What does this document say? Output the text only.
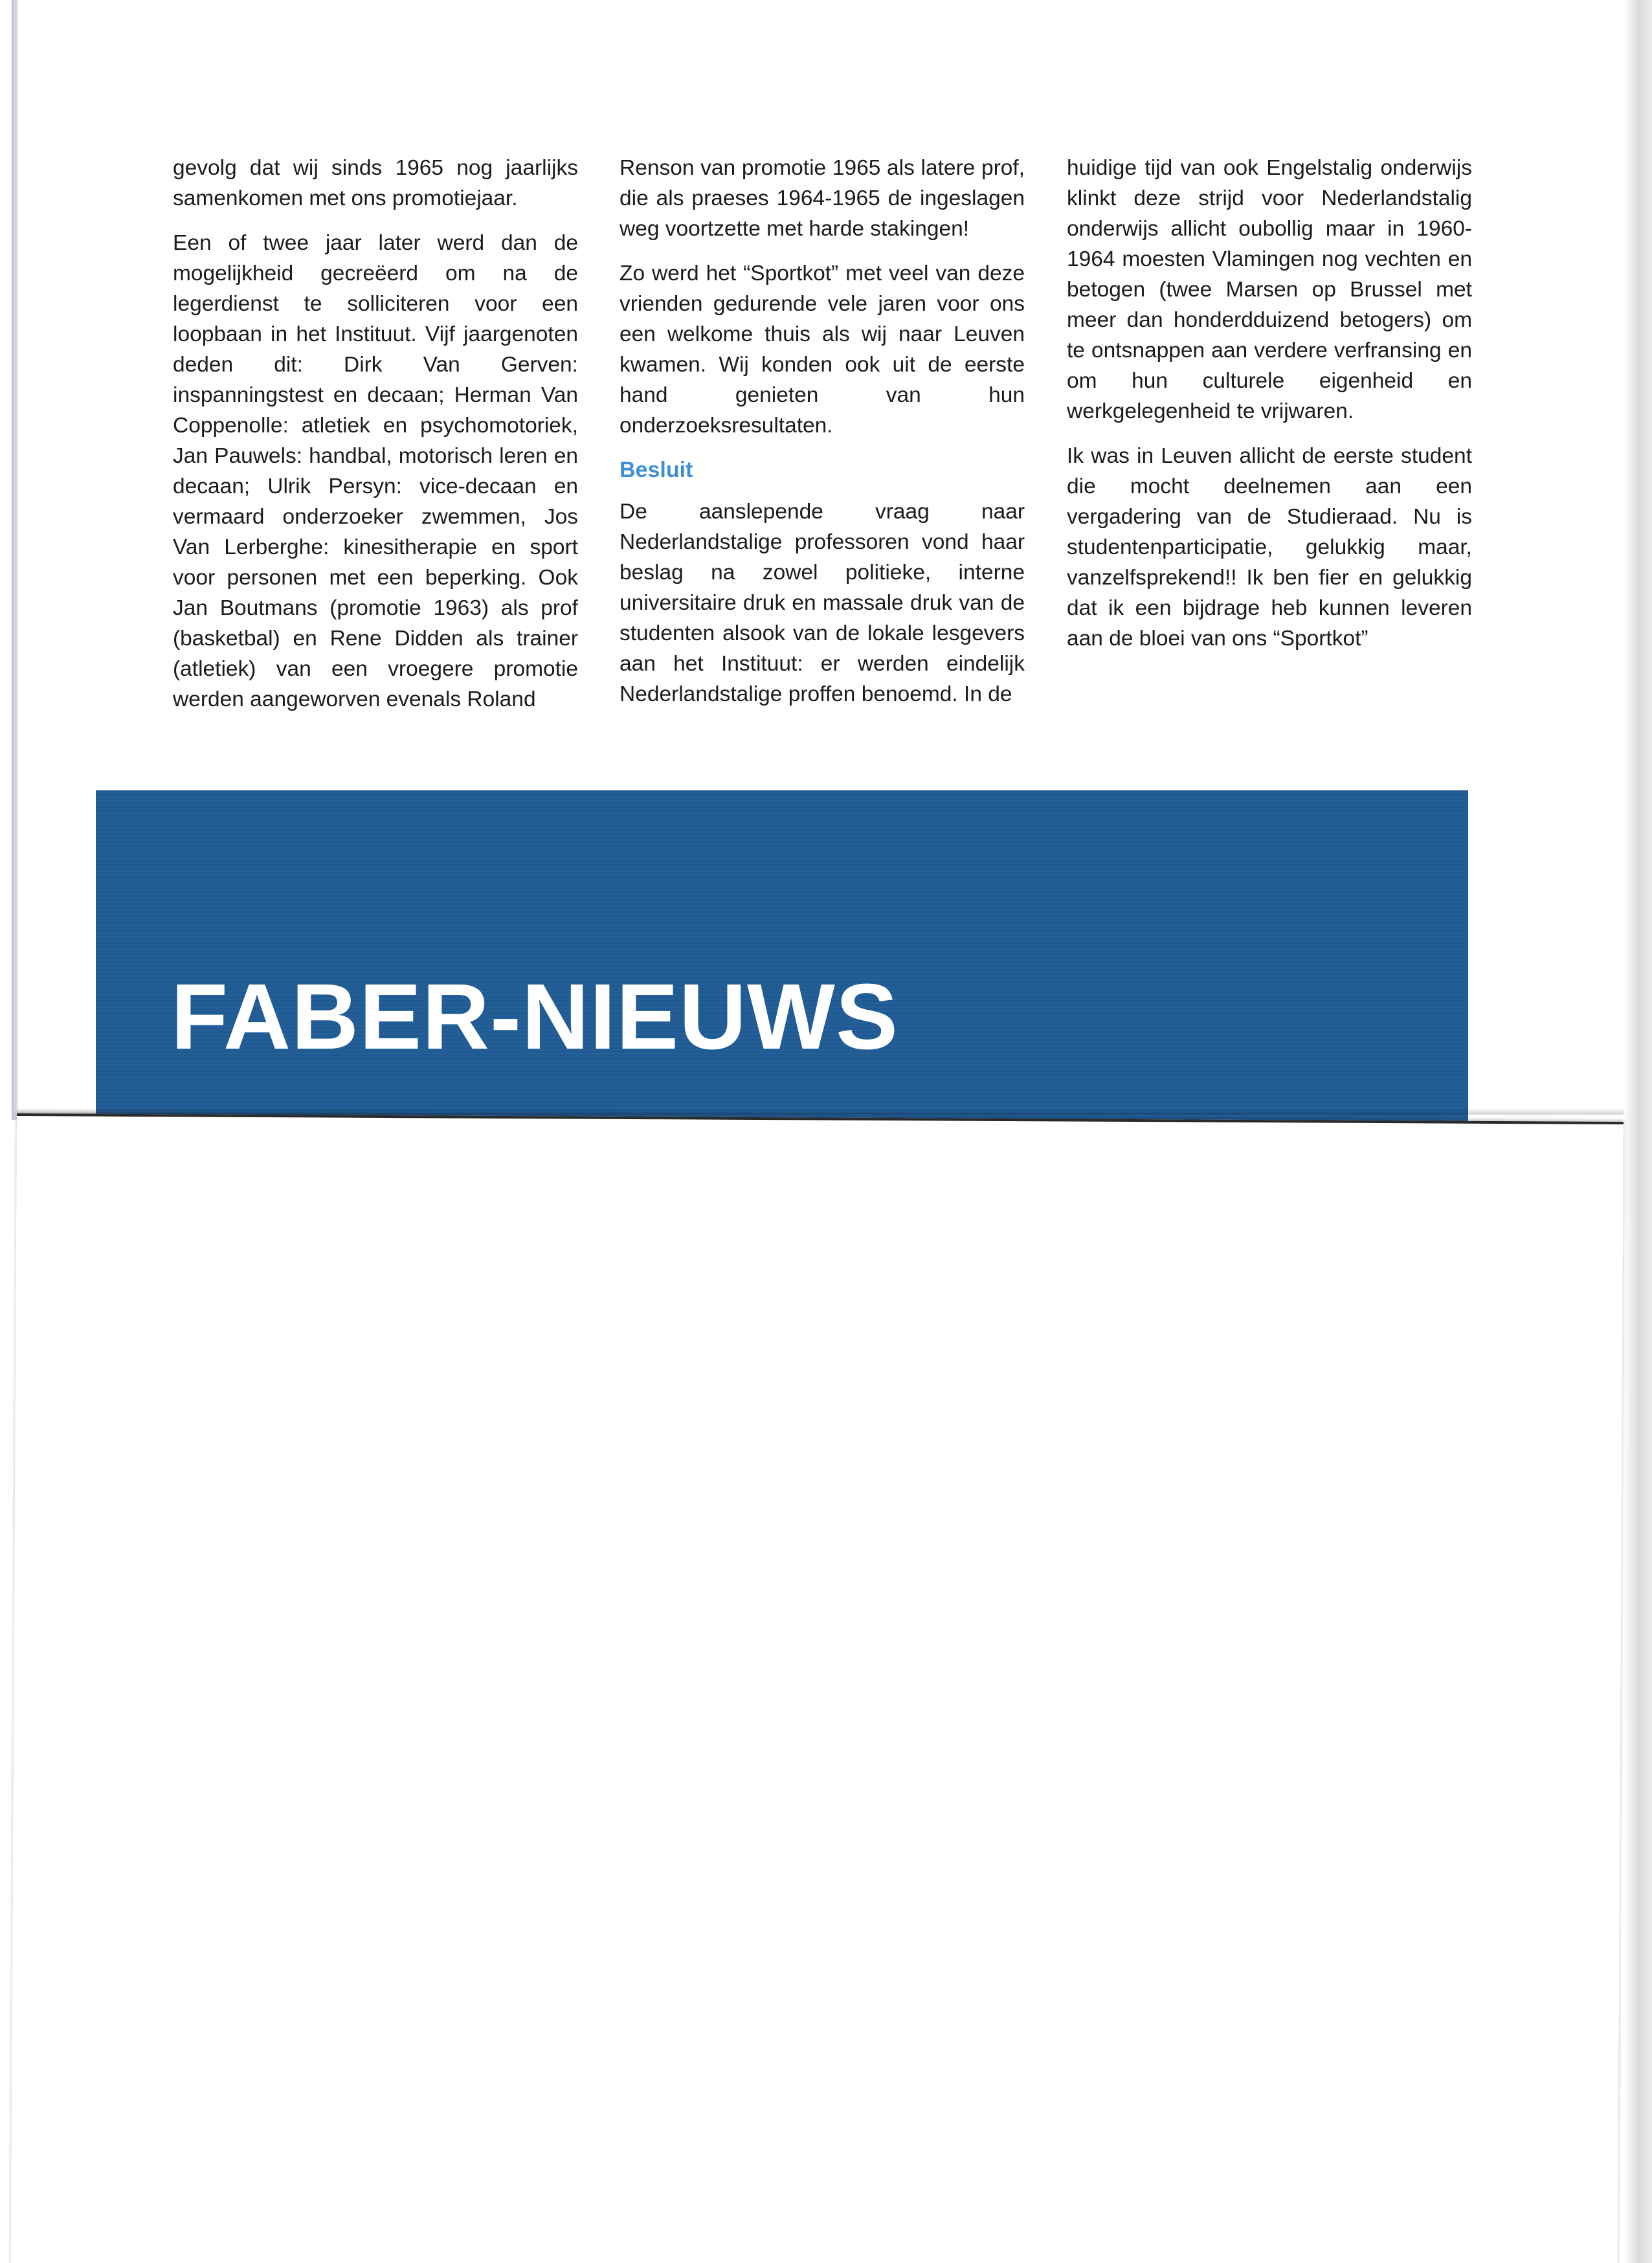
gevolg dat wij sinds 1965 nog jaarlijks samenkomen met ons promotiejaar.

Een of twee jaar later werd dan de mogelijkheid gecreëerd om na de legerdienst te solliciteren voor een loopbaan in het Instituut. Vijf jaargenoten deden dit: Dirk Van Gerven: inspanningstest en decaan; Herman Van Coppenolle: atletiek en psychomotoriek, Jan Pauwels: handbal, motorisch leren en decaan; Ulrik Persyn: vice-decaan en vermaard onderzoeker zwemmen, Jos Van Lerberghe: kinesitherapie en sport voor personen met een beperking. Ook Jan Boutmans (promotie 1963) als prof (basketbal) en Rene Didden als trainer (atletiek) van een vroegere promotie werden aangeworven evenals Roland

Renson van promotie 1965 als latere prof, die als praeses 1964-1965 de ingeslagen weg voortzette met harde stakingen!

Zo werd het “Sportkot” met veel van deze vrienden gedurende vele jaren voor ons een welkome thuis als wij naar Leuven kwamen. Wij konden ook uit de eerste hand genieten van hun onderzoeksresultaten.

Besluit

De aanslepende vraag naar Nederlandstalige professoren vond haar beslag na zowel politieke, interne universitaire druk en massale druk van de studenten alsook van de lokale lesgevers aan het Instituut: er werden eindelijk Nederlandstalige proffen benoemd. In de

huidige tijd van ook Engelstalig onderwijs klinkt deze strijd voor Nederlandstalig onderwijs allicht oubollig maar in 1960-1964 moesten Vlamingen nog vechten en betogen (twee Marsen op Brussel met meer dan honderdduizend betogers) om te ontsnappen aan verdere verfransing en om hun culturele eigenheid en werkgelegenheid te vrijwaren.

Ik was in Leuven allicht de eerste student die mocht deelnemen aan een vergadering van de Studieraad. Nu is studentenparticipatie, gelukkig maar, vanzelfsprekend!! Ik ben fier en gelukkig dat ik een bijdrage heb kunnen leveren aan de bloei van ons “Sportkot”

FABER-NIEUWS
